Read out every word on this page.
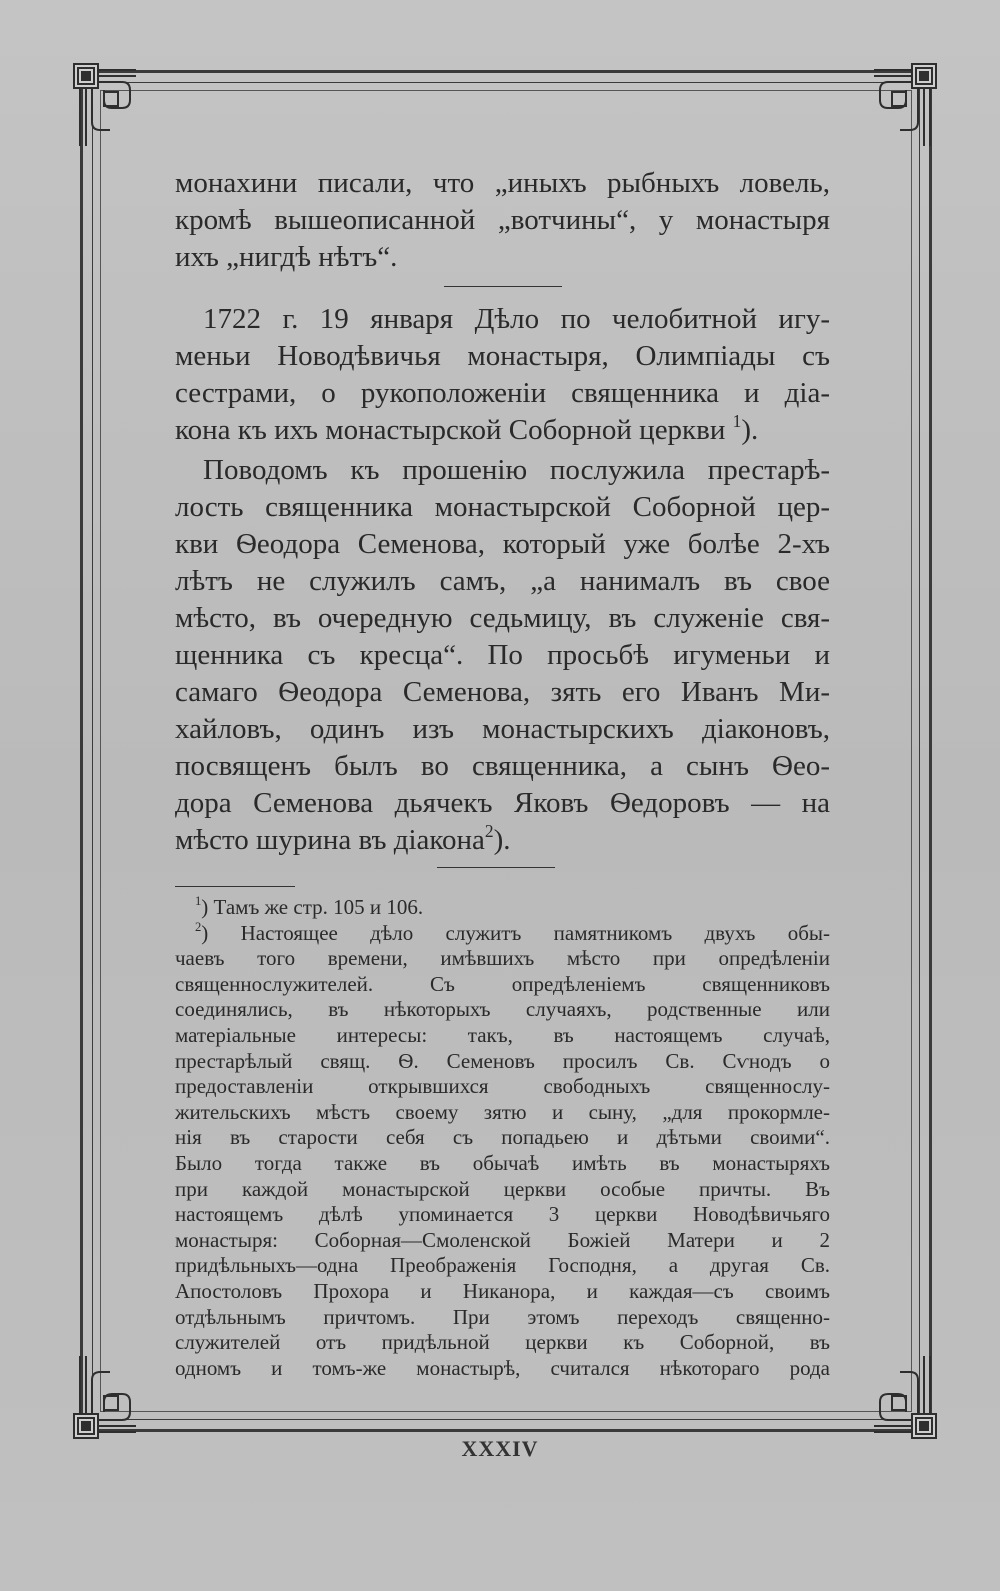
монахини писали, что „иныхъ рыбныхъ ловель,
кромѣ вышеописанной „вотчины“, у монастыря
ихъ „нигдѣ нѣтъ“.

1722 г. 19 января Дѣло по челобитной игу-
меньи Новодѣвичья монастыря, Олимпіады съ
сестрами, о рукоположеніи священника и діа-
кона къ ихъ монастырской Соборной церкви $^1$).

Поводомъ къ прошенію послужила престарѣ-
лость священника монастырской Соборной цер-
кви Ѳеодора Семенова, который уже болѣе 2-хъ
лѣтъ не служилъ самъ, „а нанималъ въ свое
мѣсто, въ очередную седьмицу, въ служеніе свя-
щенника съ кресца“. По просьбѣ игуменьи и
самаго Ѳеодора Семенова, зять его Иванъ Ми-
хайловъ, одинъ изъ монастырскихъ діаконовъ,
посвященъ былъ во священника, а сынъ Ѳео-
дора Семенова дьячекъ Яковъ Ѳедоровъ — на
мѣсто шурина въ діакона$^2$).

$^1$) Тамъ же стр. 105 и 106.

$^2$) Настоящее дѣло служитъ памятникомъ двухъ обы-
чаевъ того времени, имѣвшихъ мѣсто при опредѣленіи
священнослужителей. Съ опредѣленіемъ священниковъ
соединялись, въ нѣкоторыхъ случаяхъ, родственные или
матеріальные интересы: такъ, въ настоящемъ случаѣ,
престарѣлый свящ. Ѳ. Семеновъ просилъ Св. Сѵнодъ о
предоставленіи открывшихся свободныхъ священнослу-
жительскихъ мѣстъ своему зятю и сыну, „для прокормле-
нія въ старости себя съ попадьею и дѣтьми своими“.
Было тогда также въ обычаѣ имѣть въ монастыряхъ
при каждой монастырской церкви особые причты. Въ
настоящемъ дѣлѣ упоминается 3 церкви Новодѣвичьяго
монастыря: Соборная—Смоленской Божіей Матери и 2
придѣльныхъ—одна Преображенія Господня, а другая Св.
Апостоловъ Прохора и Никанора, и каждая—съ своимъ
отдѣльнымъ причтомъ. При этомъ переходъ священно-
служителей отъ придѣльной церкви къ Соборной, въ
одномъ и томъ-же монастырѣ, считался нѣкотораго рода

XXXIV
